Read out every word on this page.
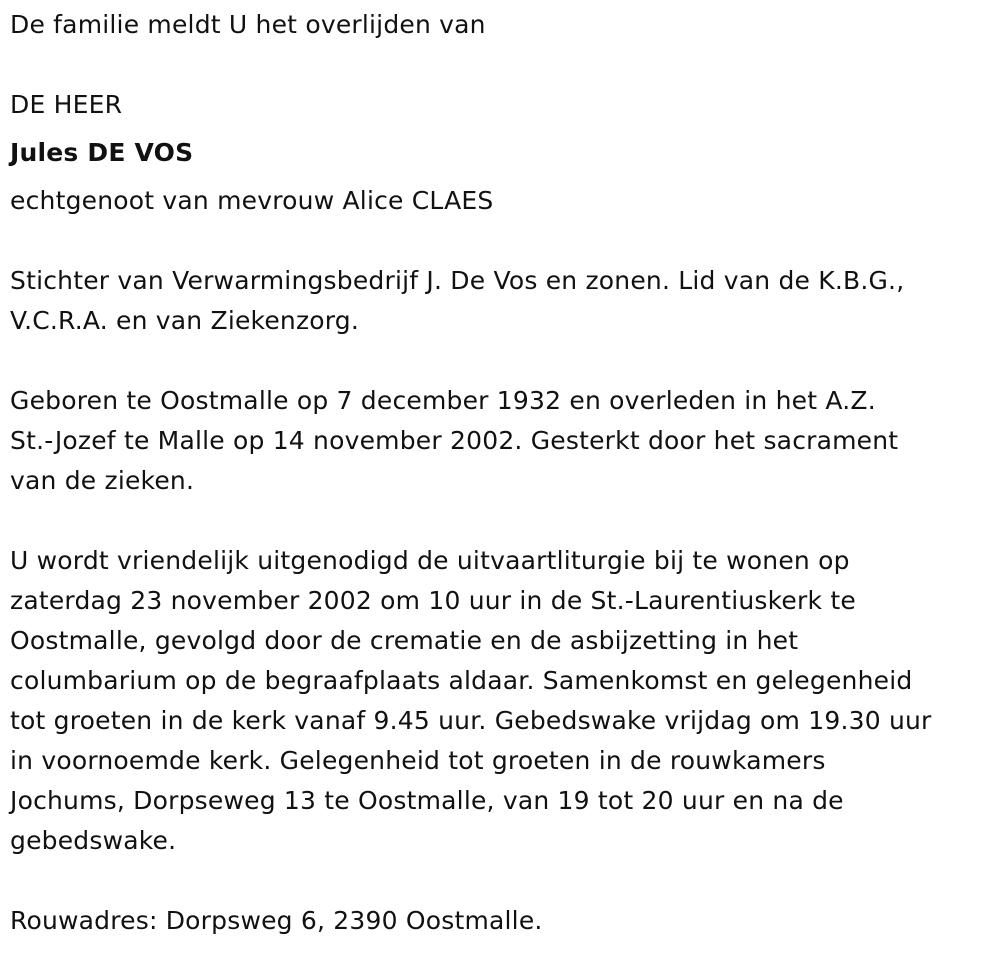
De familie meldt U het overlijden van

DE HEER

Jules DE VOS

echtgenoot van mevrouw Alice CLAES

Stichter van Verwarmingsbedrijf J. De Vos en zonen. Lid van de K.B.G.,
V.C.R.A. en van Ziekenzorg.
Geboren te Oostmalle op 7 december 1932 en overleden in het A.Z.
St.-Jozef te Malle op 14 november 2002. Gesterkt door het sacrament
van de zieken.
U wordt vriendelijk uitgenodigd de uitvaartliturgie bij te wonen op
zaterdag 23 november 2002 om 10 uur in de St.-Laurentiuskerk te
Oostmalle, gevolgd door de crematie en de asbijzetting in het
columbarium op de begraafplaats aldaar. Samenkomst en gelegenheid
tot groeten in de kerk vanaf 9.45 uur. Gebedswake vrijdag om 19.30 uur
in voornoemde kerk. Gelegenheid tot groeten in de rouwkamers
Jochums, Dorpseweg 13 te Oostmalle, van 19 tot 20 uur en na de
gebedswake.

Rouwadres: Dorpsweg 6, 2390 Oostmalle.
